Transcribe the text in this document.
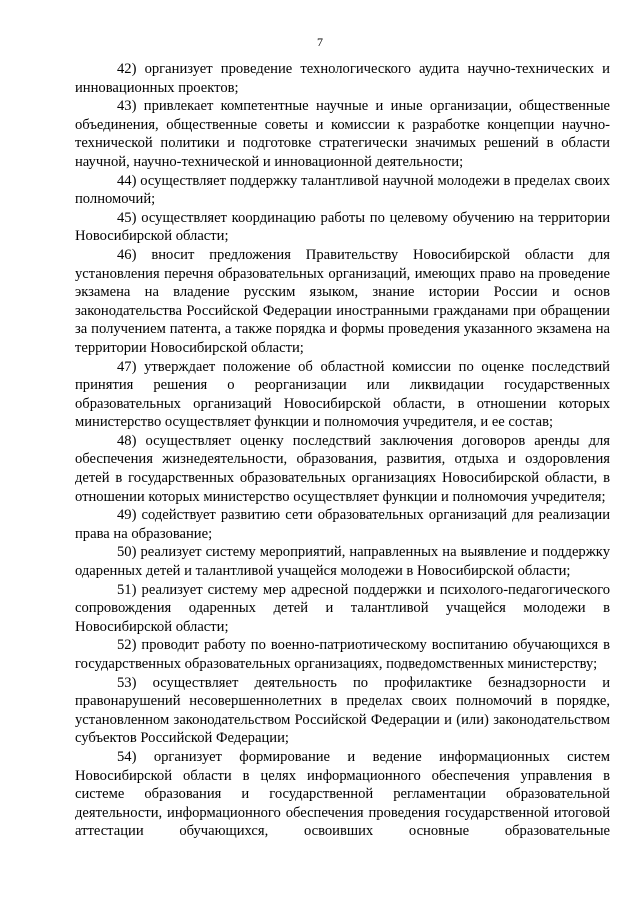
7

42) организует проведение технологического аудита научно-технических и инновационных проектов;

43) привлекает компетентные научные и иные организации, общественные объединения, общественные советы и комиссии к разработке концепции научно-технической политики и подготовке стратегически значимых решений в области научной, научно-технической и инновационной деятельности;

44) осуществляет поддержку талантливой научной молодежи в пределах своих полномочий;

45) осуществляет координацию работы по целевому обучению на территории Новосибирской области;

46) вносит предложения Правительству Новосибирской области для установления перечня образовательных организаций, имеющих право на проведение экзамена на владение русским языком, знание истории России и основ законодательства Российской Федерации иностранными гражданами при обращении за получением патента, а также порядка и формы проведения указанного экзамена на территории Новосибирской области;

47) утверждает положение об областной комиссии по оценке последствий принятия решения о реорганизации или ликвидации государственных образовательных организаций Новосибирской области, в отношении которых министерство осуществляет функции и полномочия учредителя, и ее состав;

48) осуществляет оценку последствий заключения договоров аренды для обеспечения жизнедеятельности, образования, развития, отдыха и оздоровления детей в государственных образовательных организациях Новосибирской области, в отношении которых министерство осуществляет функции и полномочия учредителя;

49) содействует развитию сети образовательных организаций для реализации права на образование;

50) реализует систему мероприятий, направленных на выявление и поддержку одаренных детей и талантливой учащейся молодежи в Новосибирской области;

51) реализует систему мер адресной поддержки и психолого-педагогического сопровождения одаренных детей и талантливой учащейся молодежи в Новосибирской области;

52) проводит работу по военно-патриотическому воспитанию обучающихся в государственных образовательных организациях, подведомственных министерству;

53) осуществляет деятельность по профилактике безнадзорности и правонарушений несовершеннолетних в пределах своих полномочий в порядке, установленном законодательством Российской Федерации и (или) законодательством субъектов Российской Федерации;

54) организует формирование и ведение информационных систем Новосибирской области в целях информационного обеспечения управления в системе образования и государственной регламентации образовательной деятельности, информационного обеспечения проведения государственной итоговой аттестации обучающихся, освоивших основные образовательные
